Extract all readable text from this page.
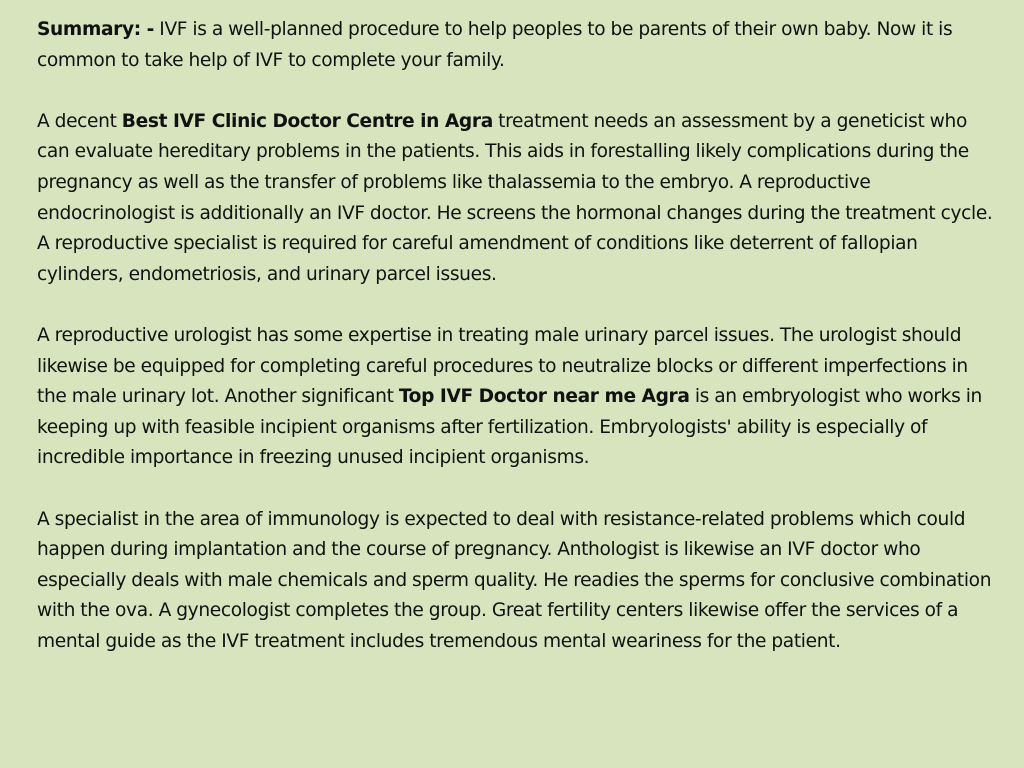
Summary: - IVF is a well-planned procedure to help peoples to be parents of their own baby. Now it is common to take help of IVF to complete your family.

A decent Best IVF Clinic Doctor Centre in Agra treatment needs an assessment by a geneticist who can evaluate hereditary problems in the patients. This aids in forestalling likely complications during the pregnancy as well as the transfer of problems like thalassemia to the embryo. A reproductive endocrinologist is additionally an IVF doctor. He screens the hormonal changes during the treatment cycle. A reproductive specialist is required for careful amendment of conditions like deterrent of fallopian cylinders, endometriosis, and urinary parcel issues.

A reproductive urologist has some expertise in treating male urinary parcel issues. The urologist should likewise be equipped for completing careful procedures to neutralize blocks or different imperfections in the male urinary lot. Another significant Top IVF Doctor near me Agra is an embryologist who works in keeping up with feasible incipient organisms after fertilization. Embryologists' ability is especially of incredible importance in freezing unused incipient organisms.

A specialist in the area of immunology is expected to deal with resistance-related problems which could happen during implantation and the course of pregnancy. Anthologist is likewise an IVF doctor who especially deals with male chemicals and sperm quality. He readies the sperms for conclusive combination with the ova. A gynecologist completes the group. Great fertility centers likewise offer the services of a mental guide as the IVF treatment includes tremendous mental weariness for the patient.
